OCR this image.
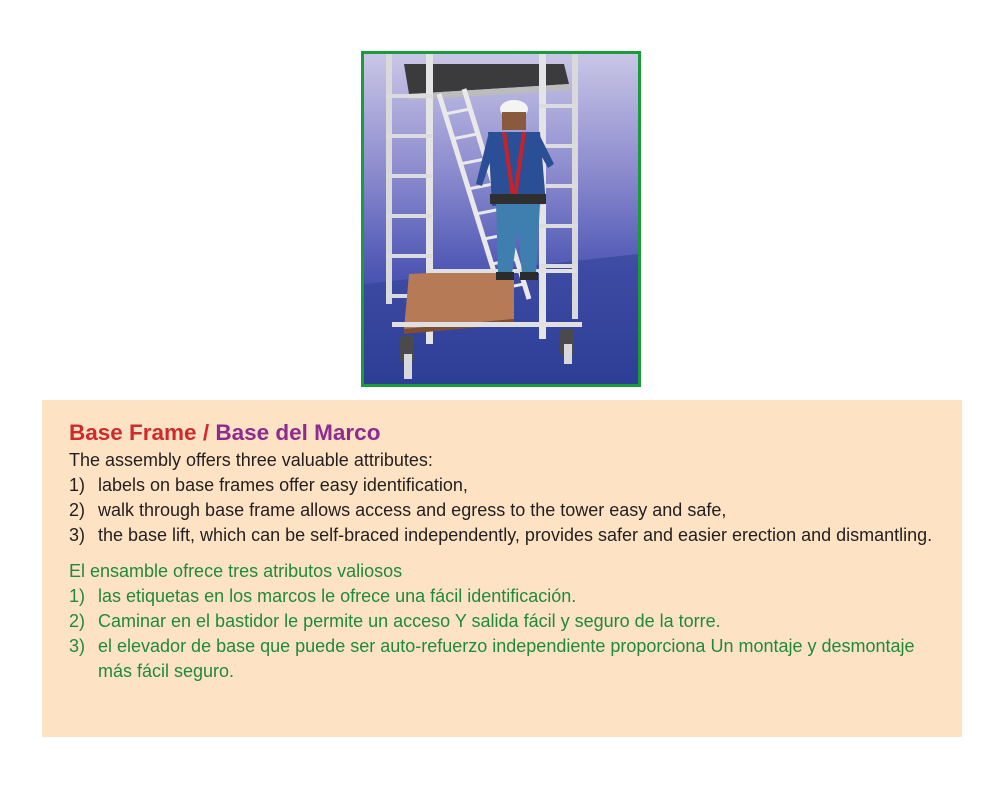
Base Frame / Base del Marco

The assembly offers three valuable attributes:

1) labels on base frames offer easy identification,
2) walk through base frame allows access and egress to the tower easy and safe,
3) the base lift, which can be self-braced independently, provides safer and easier erection and dismantling.

El ensamble ofrece tres atributos valiosos

1) las etiquetas en los marcos le ofrece una fácil identificación.
2) Caminar en el bastidor le permite un acceso Y salida fácil y seguro de la torre.
3) el elevador de base que puede ser auto-refuerzo independiente proporciona Un montaje y desmontaje más fácil seguro.
